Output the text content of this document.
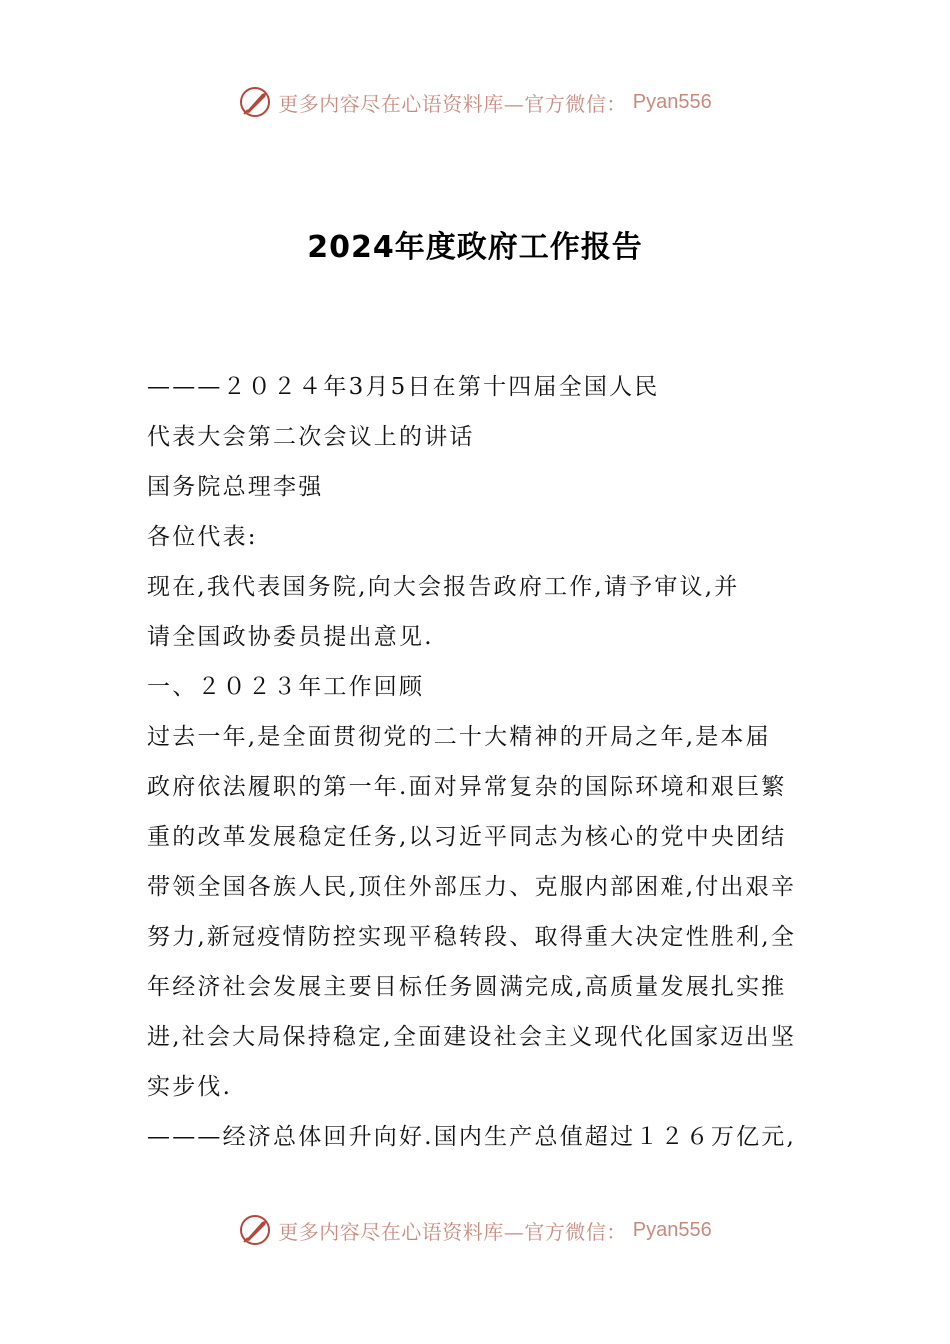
更多内容尽在心语资料库—官方微信： Pyan556
2024年度政府工作报告
———２０２４年3月5日在第十四届全国人民
代表大会第二次会议上的讲话
国务院总理李强
各位代表:
现在,我代表国务院,向大会报告政府工作,请予审议,并
请全国政协委员提出意见.
一、２０２３年工作回顾
过去一年,是全面贯彻党的二十大精神的开局之年,是本届
政府依法履职的第一年.面对异常复杂的国际环境和艰巨繁
重的改革发展稳定任务,以习近平同志为核心的党中央团结
带领全国各族人民,顶住外部压力、克服内部困难,付出艰辛
努力,新冠疫情防控实现平稳转段、取得重大决定性胜利,全
年经济社会发展主要目标任务圆满完成,高质量发展扎实推
进,社会大局保持稳定,全面建设社会主义现代化国家迈出坚
实步伐.
———经济总体回升向好.国内生产总值超过１２６万亿元,
更多内容尽在心语资料库—官方微信： Pyan556
